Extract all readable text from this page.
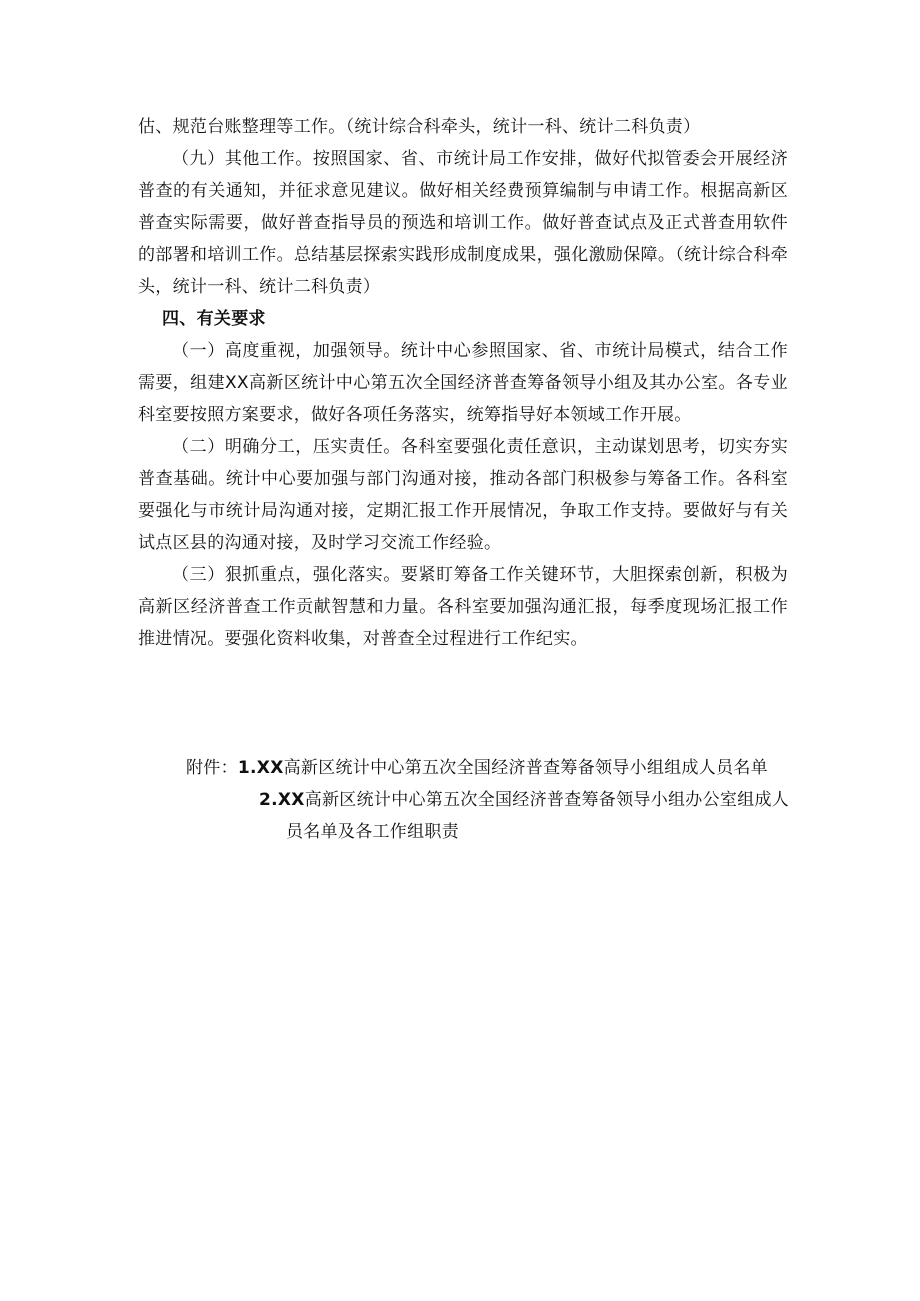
估、规范台账整理等工作。（统计综合科牵头，统计一科、统计二科负责）

（九）其他工作。按照国家、省、市统计局工作安排，做好代拟管委会开展经济普查的有关通知，并征求意见建议。做好相关经费预算编制与申请工作。根据高新区普查实际需要，做好普查指导员的预选和培训工作。做好普查试点及正式普查用软件的部署和培训工作。总结基层探索实践形成制度成果，强化激励保障。（统计综合科牵头，统计一科、统计二科负责）

四、有关要求

（一）高度重视，加强领导。统计中心参照国家、省、市统计局模式，结合工作需要，组建XX高新区统计中心第五次全国经济普查筹备领导小组及其办公室。各专业科室要按照方案要求，做好各项任务落实，统筹指导好本领域工作开展。

（二）明确分工，压实责任。各科室要强化责任意识，主动谋划思考，切实夯实普查基础。统计中心要加强与部门沟通对接，推动各部门积极参与筹备工作。各科室要强化与市统计局沟通对接，定期汇报工作开展情况，争取工作支持。要做好与有关试点区县的沟通对接，及时学习交流工作经验。

（三）狠抓重点，强化落实。要紧盯筹备工作关键环节，大胆探索创新，积极为高新区经济普查工作贡献智慧和力量。各科室要加强沟通汇报，每季度现场汇报工作推进情况。要强化资料收集，对普查全过程进行工作纪实。

附件：1.XX高新区统计中心第五次全国经济普查筹备领导小组组成人员名单
2.XX高新区统计中心第五次全国经济普查筹备领导小组办公室组成人
员名单及各工作组职责
